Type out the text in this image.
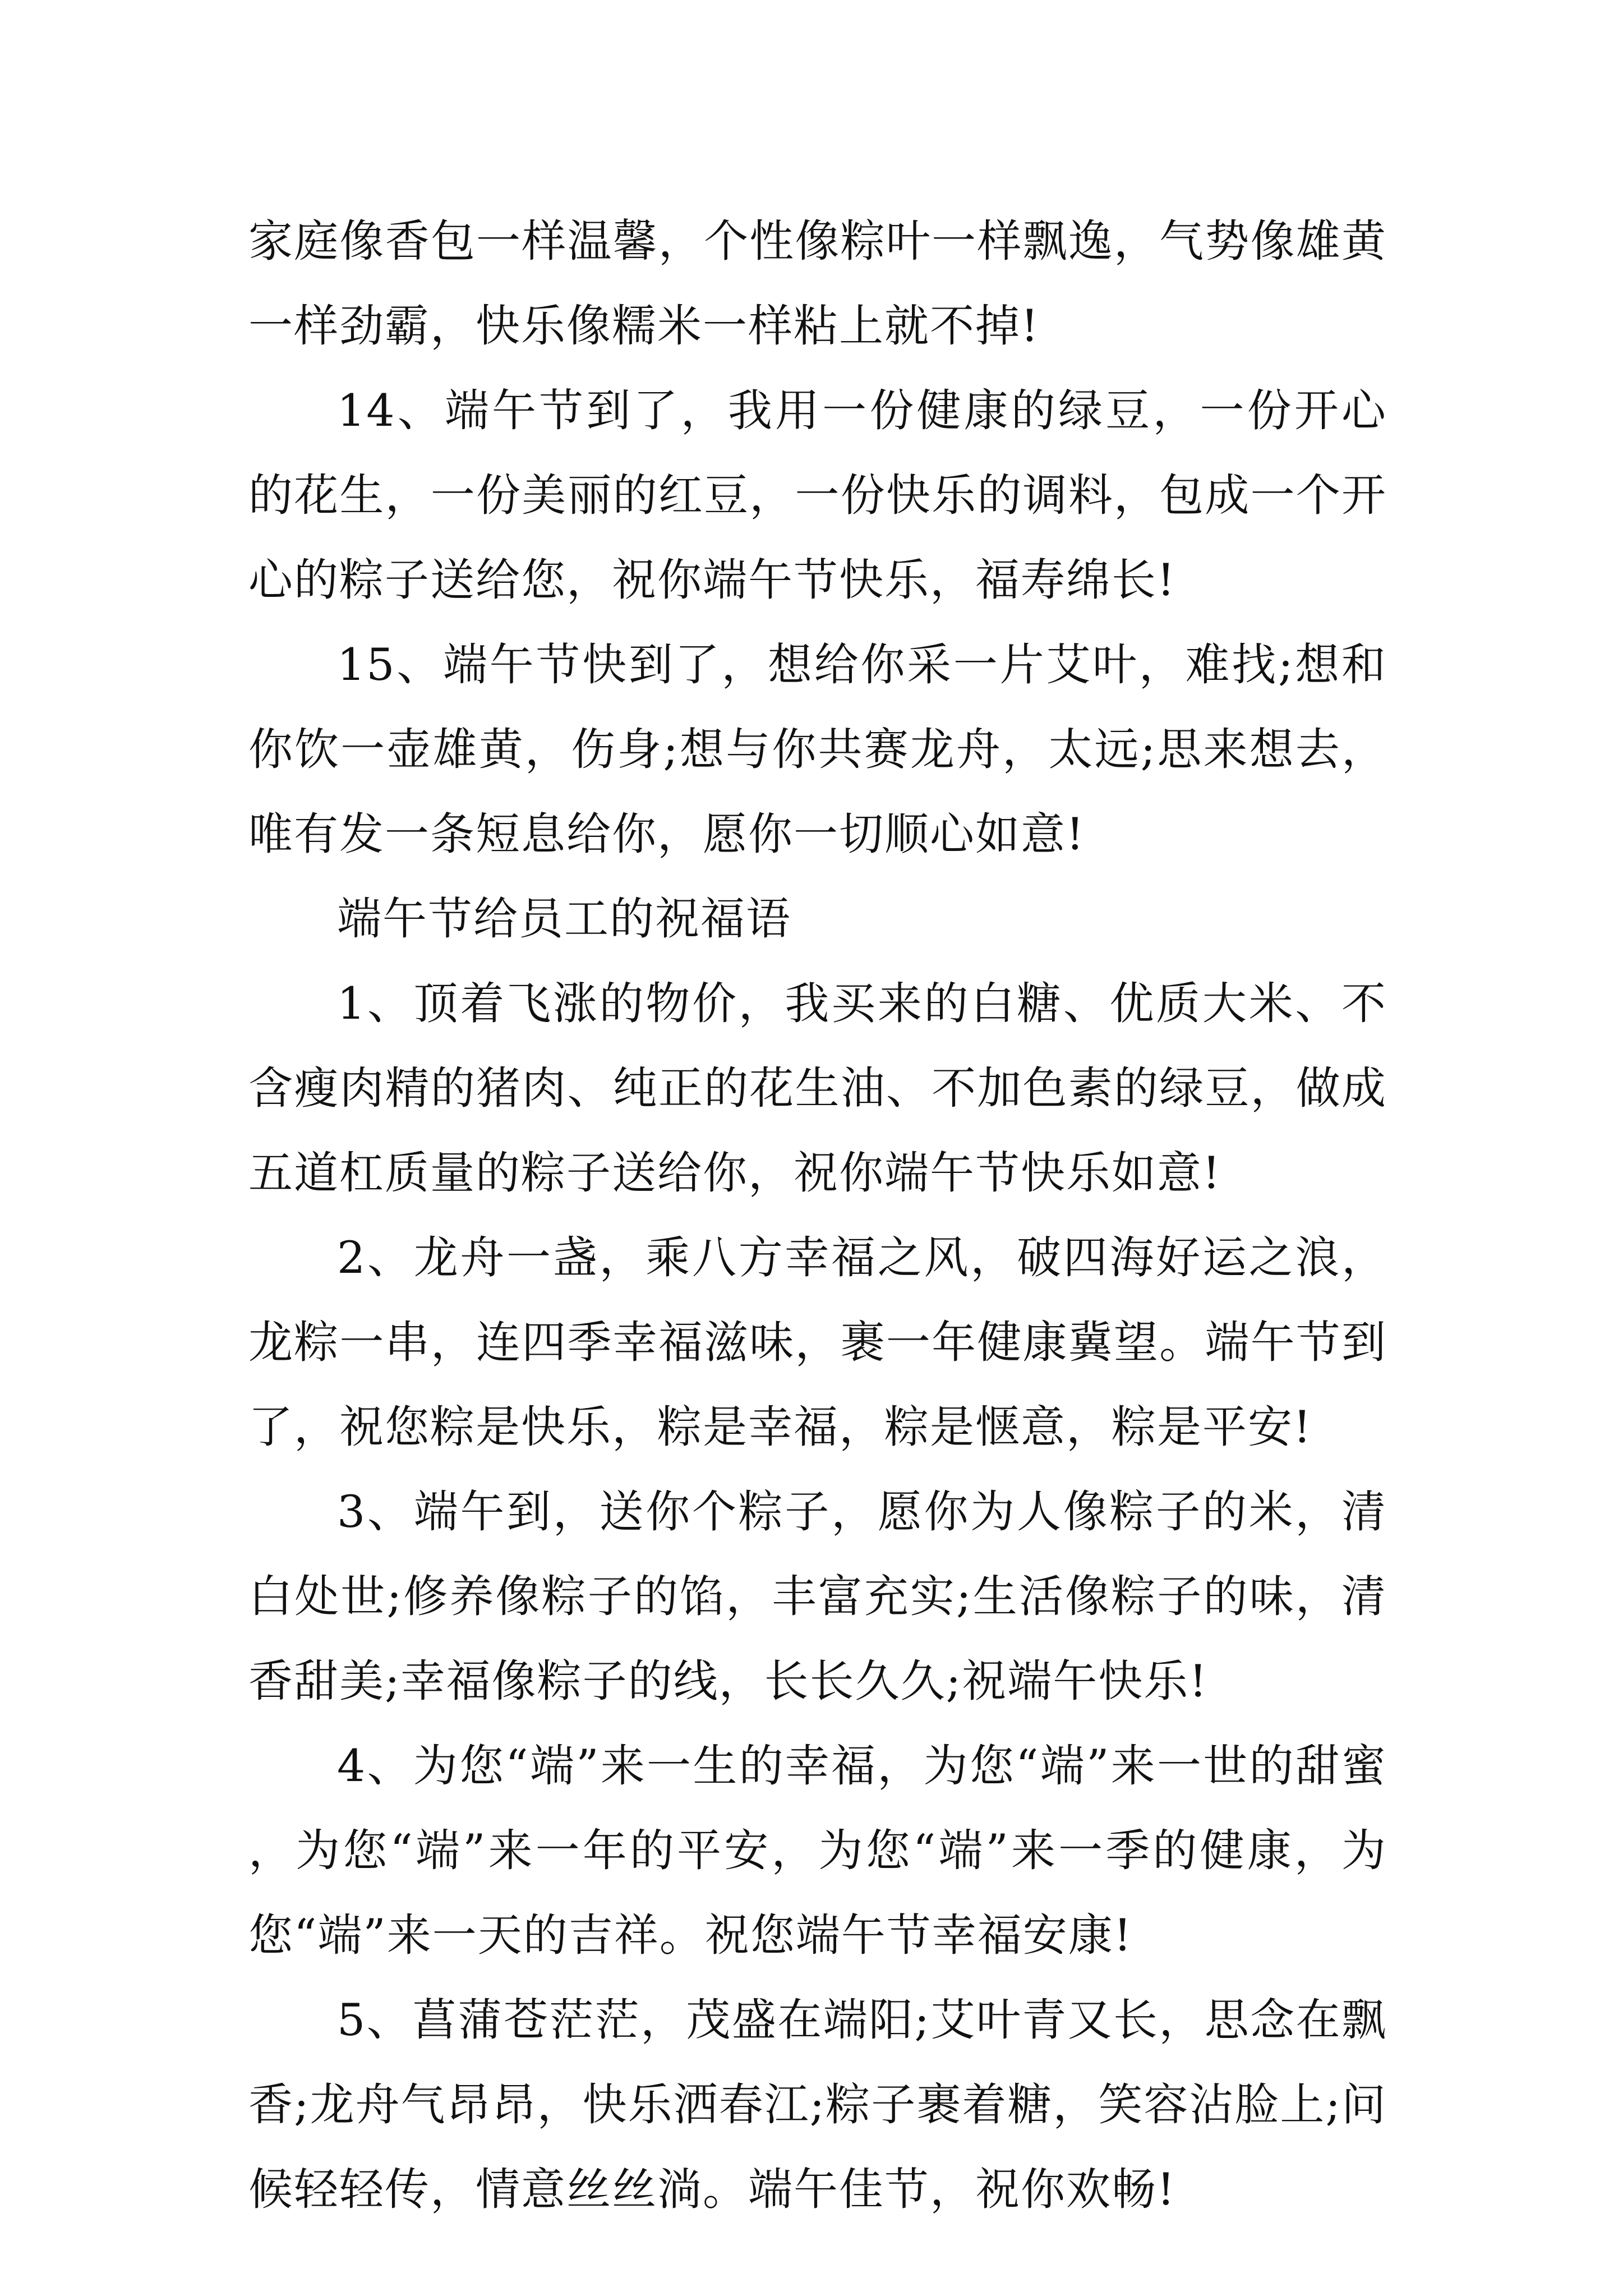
家庭像香包一样温馨，个性像粽叶一样飘逸，气势像雄黄一样劲霸，快乐像糯米一样粘上就不掉!

14、端午节到了，我用一份健康的绿豆，一份开心的花生，一份美丽的红豆，一份快乐的调料，包成一个开心的粽子送给您，祝你端午节快乐，福寿绵长!

15、端午节快到了，想给你采一片艾叶，难找;想和你饮一壶雄黄，伤身;想与你共赛龙舟，太远;思来想去，唯有发一条短息给你，愿你一切顺心如意!

端午节给员工的祝福语

1、顶着飞涨的物价，我买来的白糖、优质大米、不含瘦肉精的猪肉、纯正的花生油、不加色素的绿豆，做成五道杠质量的粽子送给你，祝你端午节快乐如意!

2、龙舟一盏，乘八方幸福之风，破四海好运之浪，龙粽一串，连四季幸福滋味，裹一年健康冀望。端午节到了，祝您粽是快乐，粽是幸福，粽是惬意，粽是平安!

3、端午到，送你个粽子，愿你为人像粽子的米，清白处世;修养像粽子的馅，丰富充实;生活像粽子的味，清香甜美;幸福像粽子的线，长长久久;祝端午快乐!

4、为您“端”来一生的幸福，为您“端”来一世的甜蜜，为您“端”来一年的平安，为您“端”来一季的健康，为您“端”来一天的吉祥。祝您端午节幸福安康!

5、菖蒲苍茫茫，茂盛在端阳;艾叶青又长，思念在飘香;龙舟气昂昂，快乐洒春江;粽子裹着糖，笑容沾脸上;问候轻轻传，情意丝丝淌。端午佳节，祝你欢畅!
